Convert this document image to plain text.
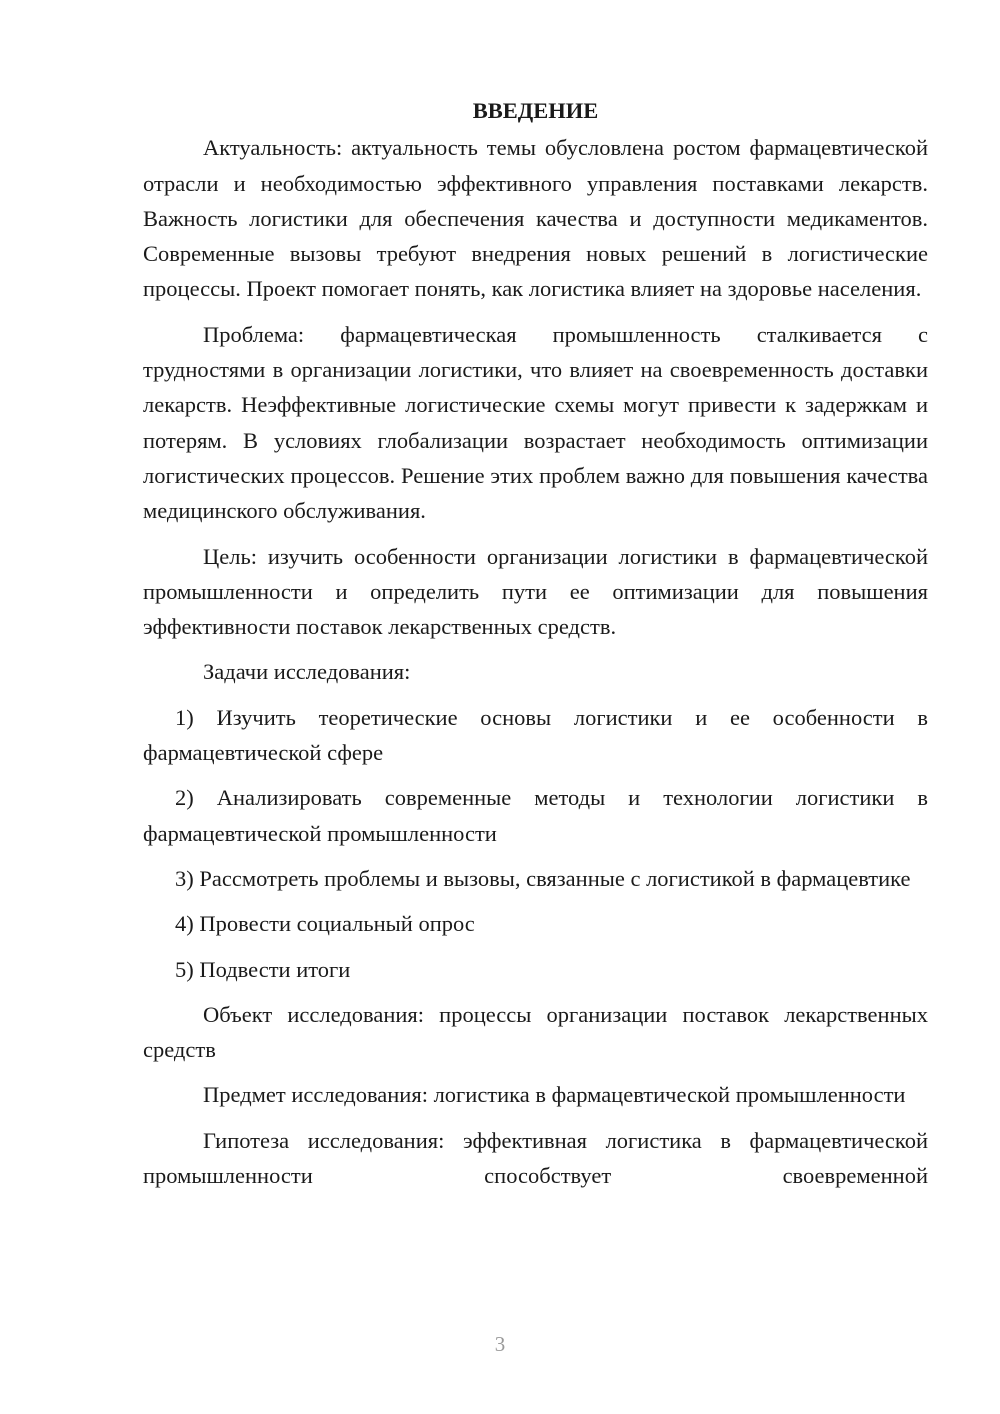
ВВЕДЕНИЕ

Актуальность: актуальность темы обусловлена ростом фармацевтической отрасли и необходимостью эффективного управления поставками лекарств. Важность логистики для обеспечения качества и доступности медикаментов. Современные вызовы требуют внедрения новых решений в логистические процессы. Проект помогает понять, как логистика влияет на здоровье населения.

Проблема: фармацевтическая промышленность сталкивается с трудностями в организации логистики, что влияет на своевременность доставки лекарств. Неэффективные логистические схемы могут привести к задержкам и потерям. В условиях глобализации возрастает необходимость оптимизации логистических процессов. Решение этих проблем важно для повышения качества медицинского обслуживания.

Цель: изучить особенности организации логистики в фармацевтической промышленности и определить пути ее оптимизации для повышения эффективности поставок лекарственных средств.

Задачи исследования:

1) Изучить теоретические основы логистики и ее особенности в фармацевтической сфере

2) Анализировать современные методы и технологии логистики в фармацевтической промышленности

3) Рассмотреть проблемы и вызовы, связанные с логистикой в фармацевтике

4) Провести социальный опрос

5) Подвести итоги

Объект исследования: процессы организации поставок лекарственных средств

Предмет исследования: логистика в фармацевтической промышленности

Гипотеза исследования: эффективная логистика в фармацевтической промышленности способствует своевременной

3
